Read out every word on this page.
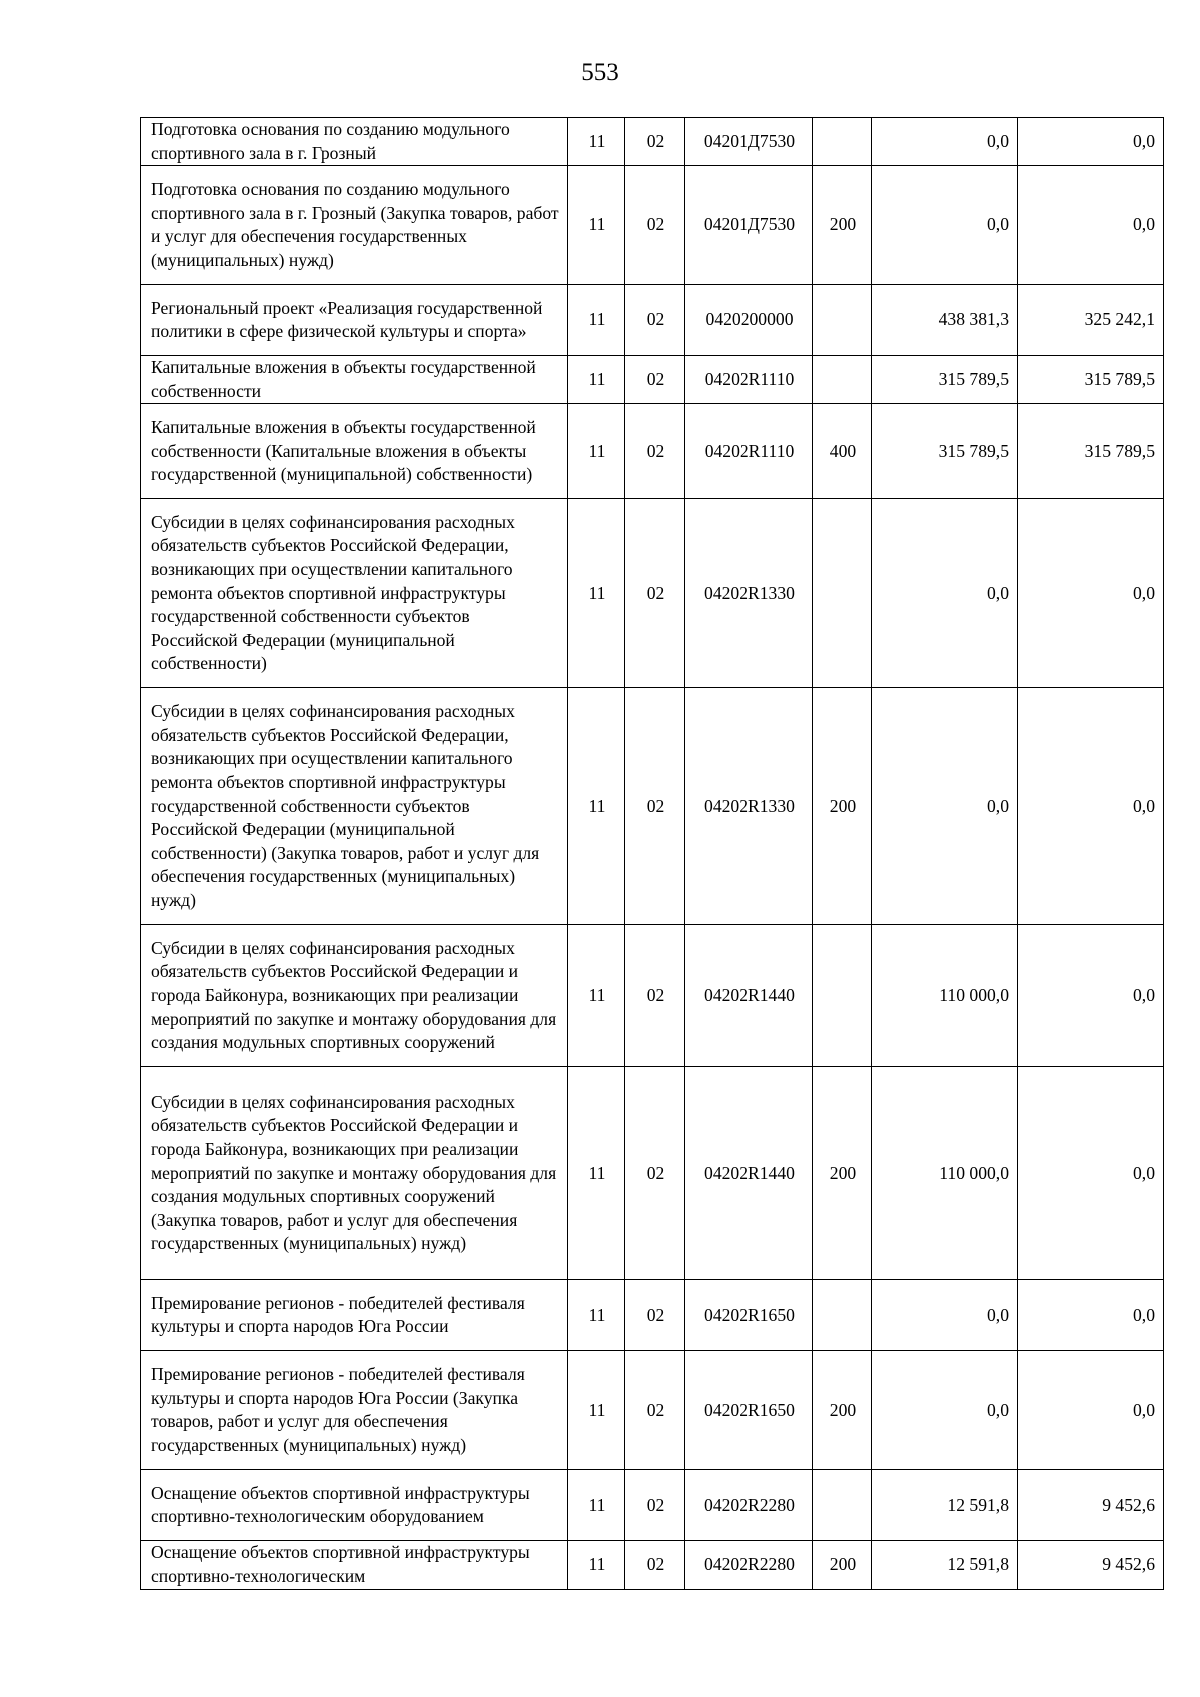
553
Подготовка основания по созданию модульного спортивного зала в г. Грозный	11	02	04201Д7530		0,0	0,0
Подготовка основания по созданию модульного спортивного зала в г. Грозный (Закупка товаров, работ и услуг для обеспечения государственных (муниципальных) нужд)	11	02	04201Д7530	200	0,0	0,0
Региональный проект «Реализация государственной политики в сфере физической культуры и спорта»	11	02	0420200000		438 381,3	325 242,1
Капитальные вложения в объекты государственной собственности	11	02	04202R1110		315 789,5	315 789,5
Капитальные вложения в объекты государственной собственности (Капитальные вложения в объекты государственной (муниципальной) собственности)	11	02	04202R1110	400	315 789,5	315 789,5
Субсидии в целях софинансирования расходных обязательств субъектов Российской Федерации, возникающих при осуществлении капитального ремонта объектов спортивной инфраструктуры государственной собственности субъектов Российской Федерации (муниципальной собственности)	11	02	04202R1330		0,0	0,0
Субсидии в целях софинансирования расходных обязательств субъектов Российской Федерации, возникающих при осуществлении капитального ремонта объектов спортивной инфраструктуры государственной собственности субъектов Российской Федерации (муниципальной собственности) (Закупка товаров, работ и услуг для обеспечения государственных (муниципальных) нужд)	11	02	04202R1330	200	0,0	0,0
Субсидии в целях софинансирования расходных обязательств субъектов Российской Федерации и города Байконура, возникающих при реализации мероприятий по закупке и монтажу оборудования для создания модульных спортивных сооружений	11	02	04202R1440		110 000,0	0,0
Субсидии в целях софинансирования расходных обязательств субъектов Российской Федерации и города Байконура, возникающих при реализации мероприятий по закупке и монтажу оборудования для создания модульных спортивных сооружений (Закупка товаров, работ и услуг для обеспечения государственных (муниципальных) нужд)	11	02	04202R1440	200	110 000,0	0,0
Премирование регионов - победителей фестиваля культуры и спорта народов Юга России	11	02	04202R1650		0,0	0,0
Премирование регионов - победителей фестиваля культуры и спорта народов Юга России (Закупка товаров, работ и услуг для обеспечения государственных (муниципальных) нужд)	11	02	04202R1650	200	0,0	0,0
Оснащение объектов спортивной инфраструктуры спортивно-технологическим оборудованием	11	02	04202R2280		12 591,8	9 452,6
Оснащение объектов спортивной инфраструктуры спортивно-технологическим	11	02	04202R2280	200	12 591,8	9 452,6
